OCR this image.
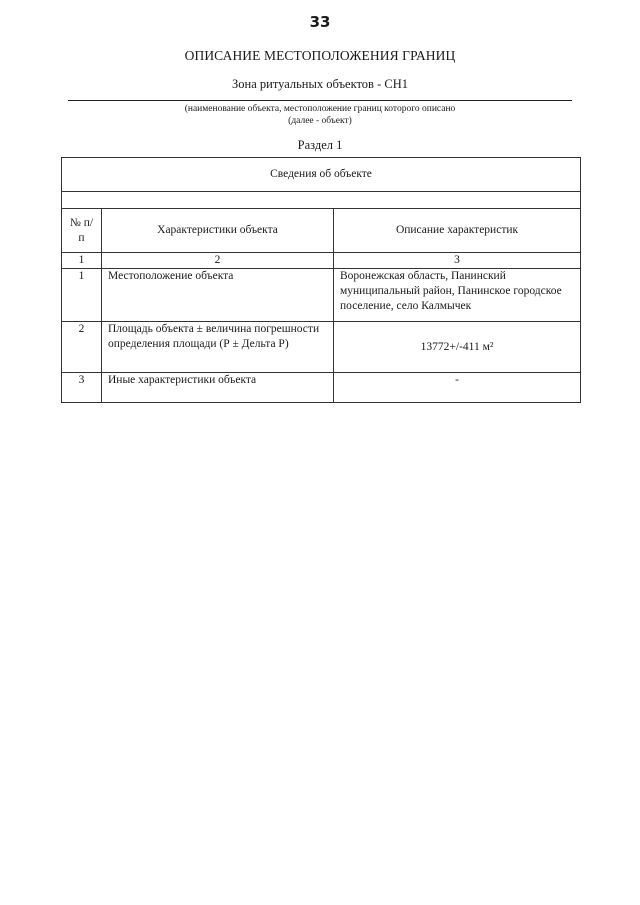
33
ОПИСАНИЕ МЕСТОПОЛОЖЕНИЯ ГРАНИЦ
Зона ритуальных объектов - СН1
(наименование объекта, местоположение границ которого описано
(далее - объект)
Раздел 1
Сведения об объекте		

№ п/п	Характеристики объекта	Описание характеристик
1	2	3
1	Местоположение объекта	Воронежская область, Панинский муниципальный район, Панинское городское поселение, село Калмычек
2	Площадь объекта ± величина погрешности определения площади (Р ± Дельта Р)	13772+/-411 м²
3	Иные характеристики объекта	-
